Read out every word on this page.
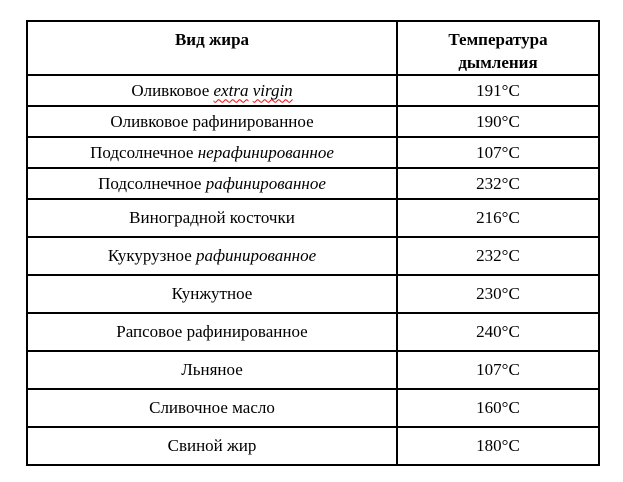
Вид жира	Температура
дымления

Оливковое extra virgin	191°C
Оливковое рафинированное	190°C
Подсолнечное нерафинированное	107°C
Подсолнечное рафинированное	232°C
Виноградной косточки	216°C
Кукурузное рафинированное	232°C
Кунжутное	230°C
Рапсовое рафинированное	240°C
Льняное	107°C
Сливочное масло	160°C
Свиной жир	180°C
